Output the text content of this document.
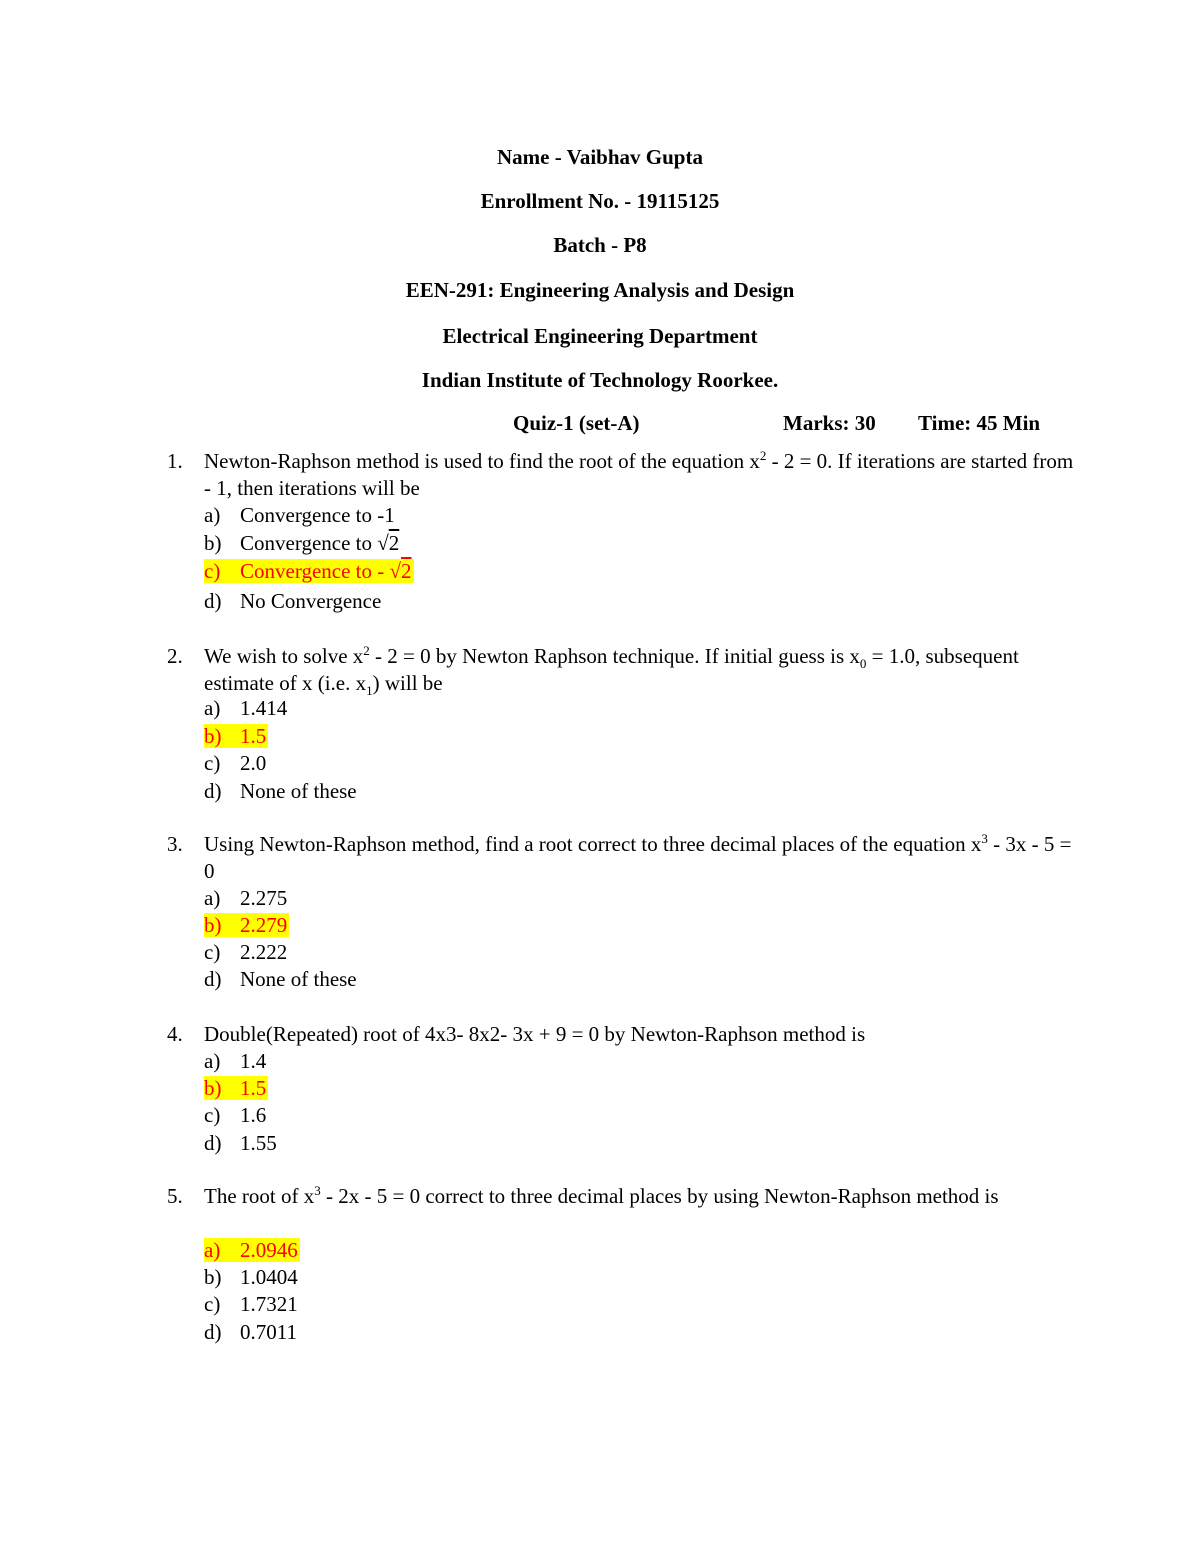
Name - Vaibhav Gupta
Enrollment No. - 19115125
Batch - P8
EEN-291: Engineering Analysis and Design
Electrical Engineering Department
Indian Institute of Technology Roorkee.
Quiz-1 (set-A)	Marks: 30 Time: 45 Min
1. Newton-Raphson method is used to find the root of the equation $x^2 - 2 = 0$. If iterations are started from - 1, then iterations will be
a) Convergence to -1
b) Convergence to √2
c) Convergence to - √2
d) No Convergence
2. We wish to solve $x^2 - 2 = 0$ by Newton Raphson technique. If initial guess is $x_0 = 1.0$, subsequent estimate of x (i.e. $x_1$) will be
a) 1.414
b) 1.5
c) 2.0
d) None of these
3. Using Newton-Raphson method, find a root correct to three decimal places of the equation $x^3 - 3x - 5 = 0$
a) 2.275
b) 2.279
c) 2.222
d) None of these
4. Double(Repeated) root of 4x3- 8x2- 3x + 9 = 0 by Newton-Raphson method is
a) 1.4
b) 1.5
c) 1.6
d) 1.55
5. The root of $x^3 - 2x - 5 = 0$ correct to three decimal places by using Newton-Raphson method is
a) 2.0946
b) 1.0404
c) 1.7321
d) 0.7011
